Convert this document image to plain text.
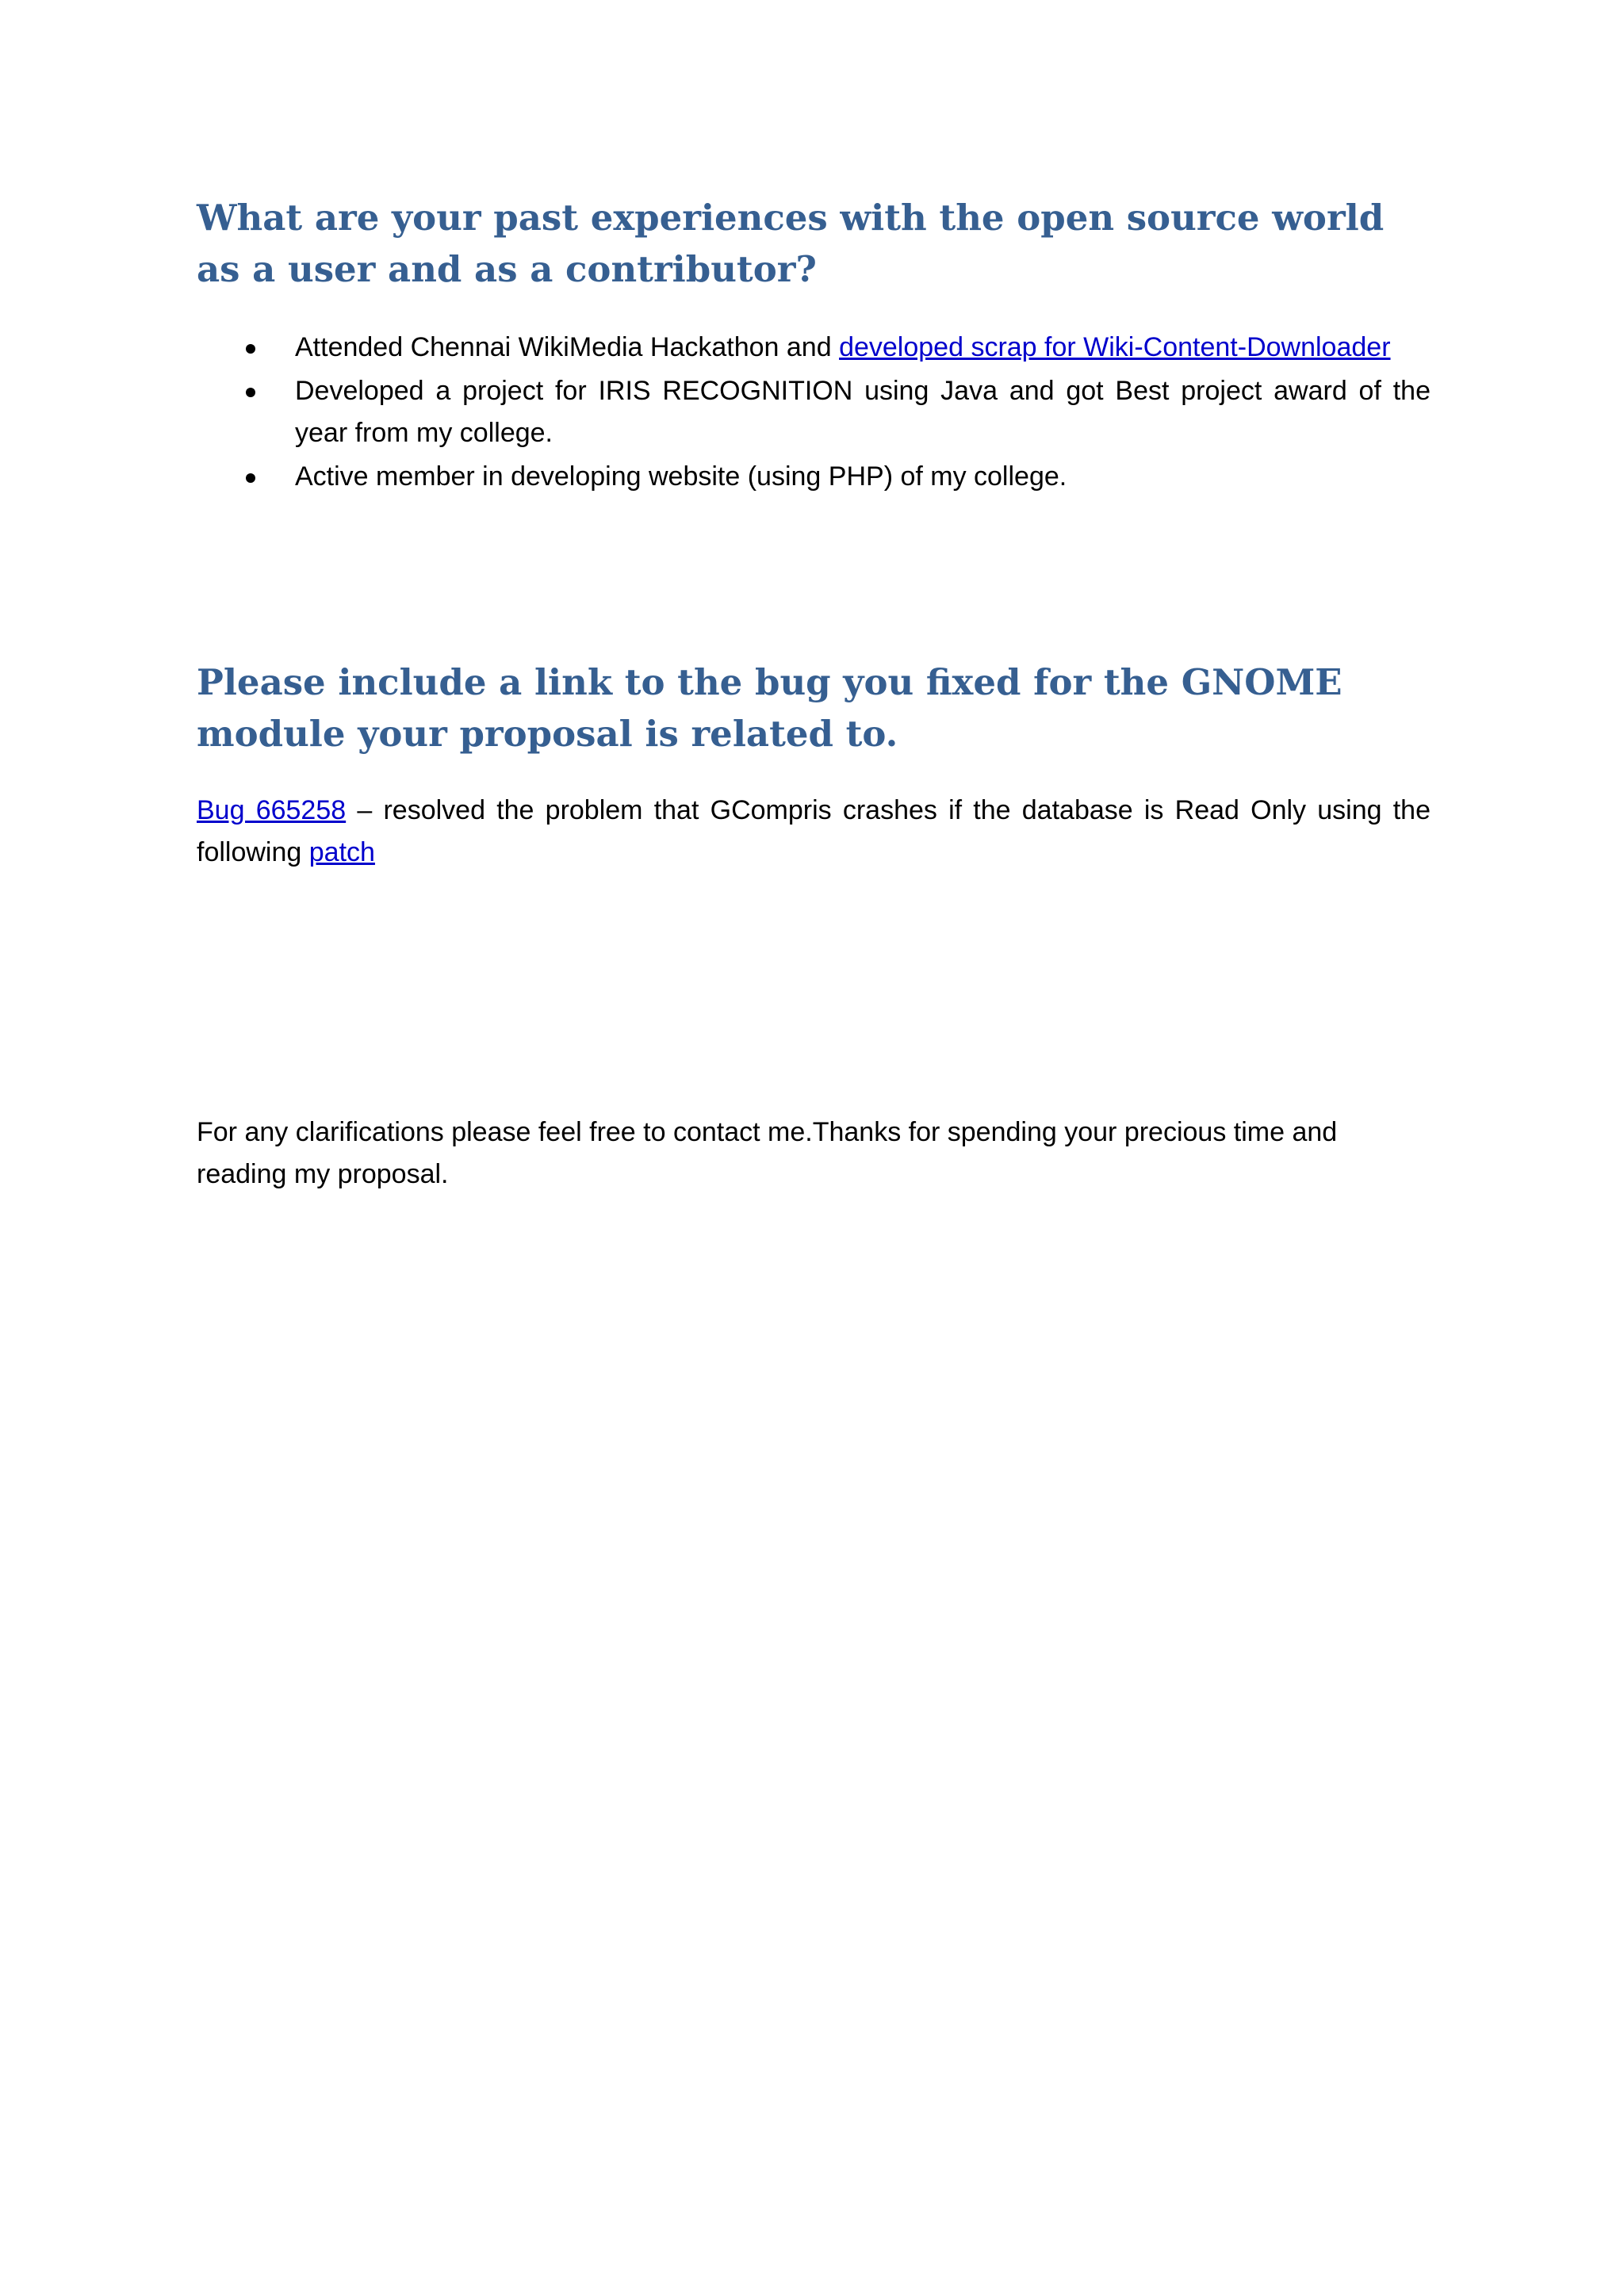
What are your past experiences with the open source world as a user and as a contributor?
Attended Chennai WikiMedia Hackathon and developed scrap for Wiki-Content-Downloader
Developed a project for IRIS RECOGNITION using Java and got Best project award of the year from my college.
Active member in developing website (using PHP) of my college.
Please include a link to the bug you fixed for the GNOME module your proposal is related to.

Bug 665258 – resolved the problem that GCompris crashes if the database is Read Only using the following patch

For any clarifications please feel free to contact me.Thanks for spending your precious time and reading my proposal.
